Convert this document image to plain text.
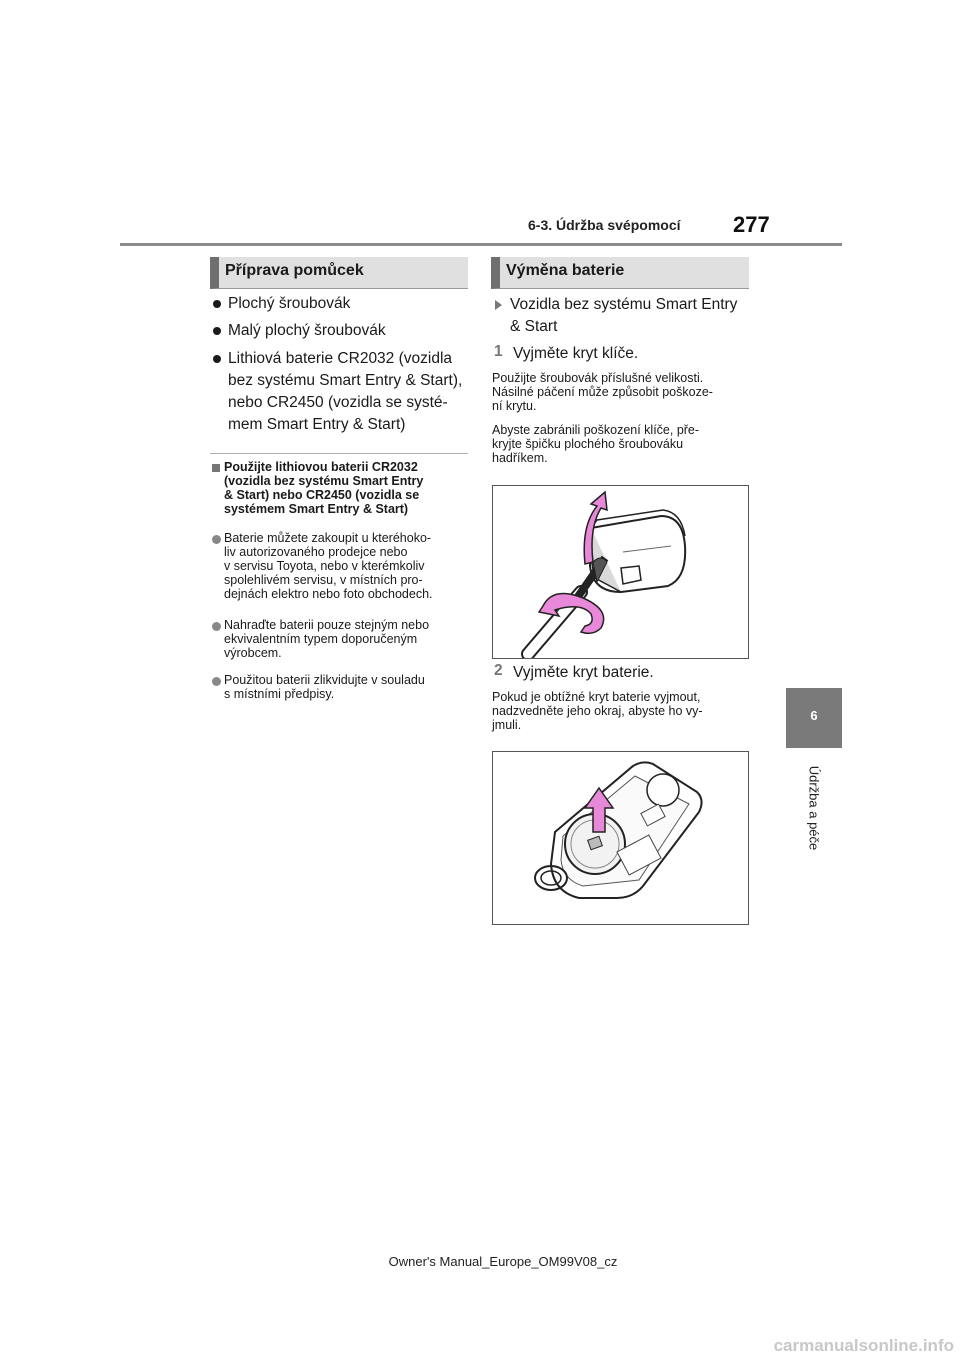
6-3. Údržba svépomocí 277
6
Údržba a péče
Příprava pomůcek
Plochý šroubovák
Malý plochý šroubovák
Lithiová baterie CR2032 (vozidla
bez systému Smart Entry & Start),
nebo CR2450 (vozidla se systé-
mem Smart Entry & Start)
Použijte lithiovou baterii CR2032
(vozidla bez systému Smart Entry
& Start) nebo CR2450 (vozidla se
systémem Smart Entry & Start)
Baterie můžete zakoupit u kteréhoko-
liv autorizovaného prodejce nebo
v servisu Toyota, nebo v kterémkoliv
spolehlivém servisu, v místních pro-
dejnách elektro nebo foto obchodech.
Nahraďte baterii pouze stejným nebo
ekvivalentním typem doporučeným
výrobcem.
Použitou baterii zlikvidujte v souladu
s místními předpisy.
Výměna baterie
Vozidla bez systému Smart Entry
& Start
1 Vyjměte kryt klíče.
Použijte šroubovák příslušné velikosti.
Násilné páčení může způsobit poškoze-
ní krytu.
Abyste zabránili poškození klíče, pře-
kryjte špičku plochého šroubováku
hadříkem.
2 Vyjměte kryt baterie.
Pokud je obtížné kryt baterie vyjmout,
nadzvedněte jeho okraj, abyste ho vy-
jmuli.
Owner's Manual_Europe_OM99V08_cz
carmanualsonline.info
